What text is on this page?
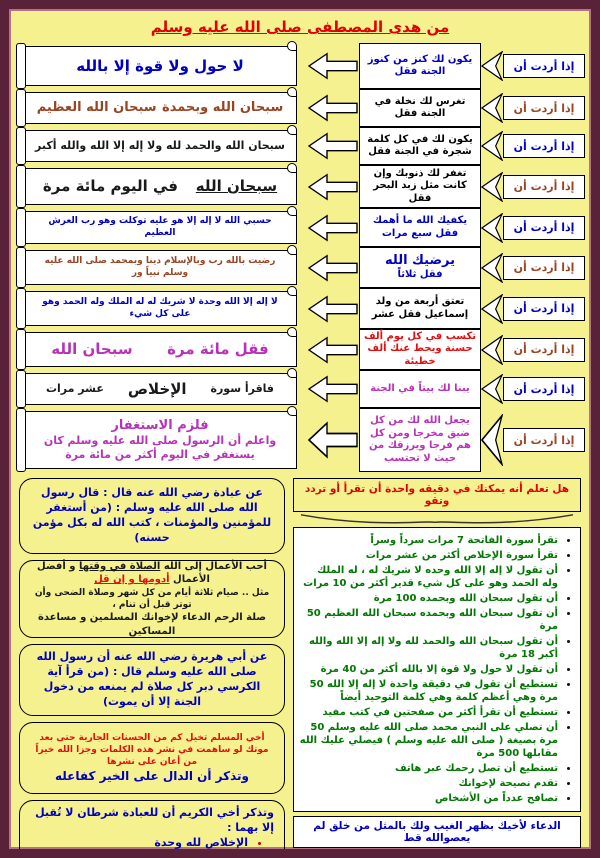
من هدى المصطفى صلى الله عليه وسلم
إذا أردت أن
يكون لك كنز من كنوز الجنة فقل
لا حول ولا قوة إلا بالله
إذا أردت أن
تغرس لك نخلة في الجنة فقل
سبحان الله وبحمدة
سبحان الله العظيم
إذا أردت أن
يكون لك في كل كلمة شجرة في الجنة فقل
سبحان الله والحمد لله ولا إله إلا الله والله أكبر
إذا أردت أن
تغفر لك ذنوبك وإن كانت مثل زبد البحر فقل
سبحان الله
في اليوم مائة مرة
إذا أردت أن
يكفيك الله ما أهمك فقل سبع مرات
حسبي الله لا إله إلا هو عليه توكلت وهو رب العرش العظيم
إذا أردت أن
يرضيك الله
فقل ثلاثاً
رضيت بالله رب وبالإسلام دينا وبمحمد صلى الله عليه وسلم نبياً ور
إذا أردت أن
تعتق أربعة من ولد إسماعيل فقل عشر
لا إله إلا الله وحدة لا شريك له له الملك وله الحمد وهو على كل شيء
إذا أردت أن
تكسب في كل يوم ألف حسنة ويحط عنك ألف خطيئة
فقل مائة مرة
سبحان الله
إذا أردت أن
يبنا لك بيتاً في الجنة
فاقرأ سورة
الإخلاص
عشر مرات
إذا أردت أن
يجعل الله لك من كل ضيق مخرجا ومن كل هم فرجا ويرزقك من حيث لا تحتسب
فلزم الاستغفار
واعلم أن الرسول صلى الله عليه وسلم كان يستغفر في اليوم أكثر من مائة مرة
هل تعلم أنه يمكنك في دقيقه واحدة أن تقرأ أو تردد وتقو
• تقرأ سورة الفاتحة 7 مرات سرداً وسراً
• تقرأ سورة الإخلاص أكثر من عشر مرات
• أن تقول لا إله إلا الله وحده لا شريك له ، له الملك وله الحمد وهو على كل شيء قدير أكثر من 10 مرات
• أن تقول سبحان الله وبحمده 100 مرة
• أن تقول سبحان الله وبحمده سبحان الله العظيم 50 مرة
• أن تقول سبحان الله والحمد لله ولا إله إلا الله والله أكبر 18 مرة
• أن تقول لا حول ولا قوة إلا بالله أكثر من 40 مرة
• تستطيع أن تقول في دقيقة واحدة لا إله إلا الله 50 مرة وهي أعظم كلمة وهي كلمة التوحيد أيضاً
• تستطيع أن تقرأ أكثر من صفحتين في كتب مفيد
• أن تصلي على النبي محمد صلى الله عليه وسلم 50 مرة بصيغة ( صلى الله عليه وسلم ) فيصلي عليك الله مقابلها 500 مرة
• تستطيع أن تصل رحمك عبر هاتف
• تقدم نصيحة لإخوانك
• تصافح عدداً من الأشخاص
الدعاء لأخيك بظهر الغيب ولك بالمثل من خلق لم يعصوالله قط
عن عبادة رضي الله عنه قال : قال رسول الله صلى الله عليه وسلم : (من أستغفر للمؤمنين والمؤمنات ، كتب الله له بكل مؤمن حسنه)
أحب الأعمال إلى الله الصلاة في وقتها و أفضل الأعمال أدومها و إن قل
مثل .. صيام ثلاثة أيام من كل شهر وصلاة الضحى وأن توتر قبل أن تنام ،
صلة الرحم الدعاء لإخوانك المسلمين و مساعدة المساكين
عن أبي هريرة رضي الله عنه أن رسول الله صلى الله عليه وسلم قال : (من قرأ آية الكرسي دبر كل صلاة لم يمنعه من دخول الجنة إلا أن يموت)
أخي المسلم تخيل كم من الحسنات الجارية حتى بعد موتك لو ساهمت في نشر هذه الكلمات وجزا الله خيراً من أعان على نشرها
وتذكر أن الدال على الخير كفاعله
وتذكر أخي الكريم أن للعبادة شرطان لا تُقبل إلا بهما :
• الإخلاص لله وحدة
• متابعة النبي عليه الصلاة والسلام
